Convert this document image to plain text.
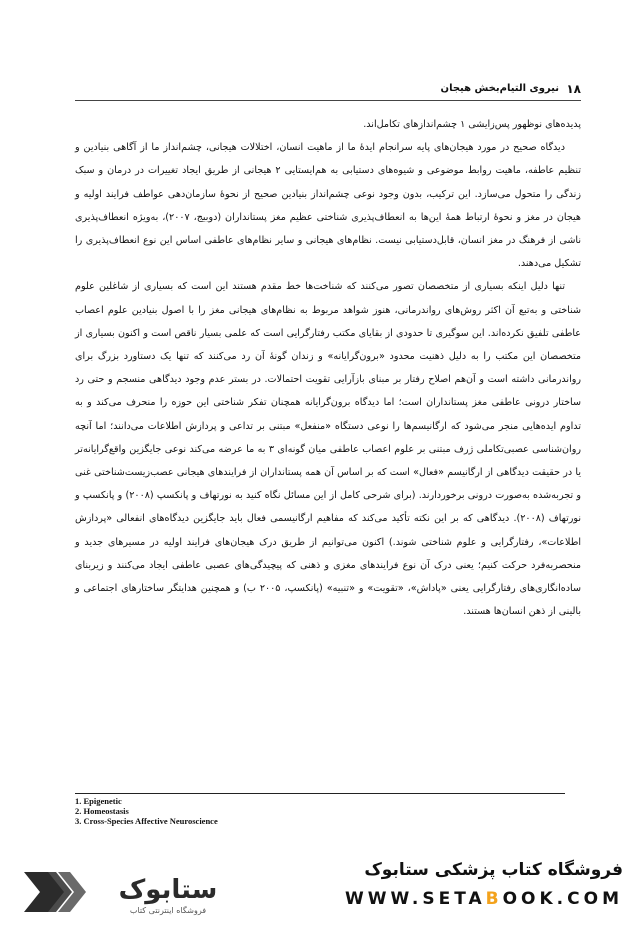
۱۸
نیروی التیام‌بخش هیجان

پدیده‌های نوظهور پس‌زایشی ۱ چشم‌اندازهای تکامل‌اند.

دیدگاه صحیح در مورد هیجان‌های پایه سرانجام ایدهٔ ما از ماهیت انسان، اختلالات هیجانی، چشم‌انداز ما از آگاهی بنیادین و تنظیم عاطفه، ماهیت روابط موضوعی و شیوه‌های دستیابی به هم‌ایستایی ۲ هیجانی از طریق ایجاد تغییرات در درمان و سبک زندگی را متحول می‌سازد. این ترکیب، بدون وجود نوعی چشم‌انداز بنیادین صحیح از نحوهٔ سازمان‌دهی عواطف فرایند اولیه و هیجان در مغز و نحوهٔ ارتباط همهٔ این‌ها به انعطاف‌پذیری شناختی عظیم مغز پستانداران (دوبیج، ۲۰۰۷)، به‌ویژه انعطاف‌پذیری ناشی از فرهنگ در مغز انسان، قابل‌دستیابی نیست. نظام‌های هیجانی و سایر نظام‌های عاطفی اساس این نوع انعطاف‌پذیری را تشکیل می‌دهند.

تنها دلیل اینکه بسیاری از متخصصان تصور می‌کنند که شناخت‌ها خط مقدم هستند این است که بسیاری از شاغلین علوم شناختی و به‌تبع آن اکثر روش‌های رواندرمانی، هنوز شواهد مربوط به نظام‌های هیجانی مغز را با اصول بنیادین علوم اعصاب عاطفی تلفیق نکرده‌اند. این سوگیری تا حدودی از بقایای مکتب رفتارگرایی است که علمی بسیار ناقص است و اکنون بسیاری از متخصصان این مکتب را به دلیل ذهنیت محدود «برون‌گرایانه» و زندان گونهٔ آن رد می‌کنند که تنها یک دستاورد بزرگ برای رواندرمانی داشته است و آن‌هم اصلاح رفتار بر مبنای بازآرایی تقویت احتمالات. در بستر عدم وجود دیدگاهی منسجم و حتی رد ساختار درونی عاطفی مغز پستانداران است؛ اما دیدگاه برون‌گرایانه همچنان تفکر شناختی این حوزه را منحرف می‌کند و به تداوم ایده‌هایی منجر می‌شود که ارگانیسم‌ها را نوعی دستگاه «منفعل» مبتنی بر تداعی و پردازش اطلاعات می‌دانند؛ اما آنچه روان‌شناسی عصبی‌تکاملی ژرف مبتنی بر علوم اعصاب عاطفی میان گونه‌ای ۳ به ما عرضه می‌کند نوعی جایگزین واقع‌گرایانه‌تر یا در حقیقت دیدگاهی از ارگانیسم «فعال» است که بر اساس آن همه پستانداران از فرایندهای هیجانی عصب‌زیست‌شناختی غنی و تجربه‌شده به‌صورت درونی برخوردارند. (برای شرحی کامل از این مسائل نگاه کنید به نورتهاف و پانکسپ (۲۰۰۸) و پانکسپ و نورتهاف (۲۰۰۸). دیدگاهی که بر این نکته تأکید می‌کند که مفاهیم ارگانیسمی فعال باید جایگزین دیدگاه‌های انفعالی «پردازش اطلاعات»، رفتارگرایی و علوم شناختی شوند.) اکنون می‌توانیم از طریق درک هیجان‌های فرایند اولیه در مسیرهای جدید و منحصربه‌فرد حرکت کنیم؛ یعنی درک آن نوع فرایندهای مغزی و ذهنی که پیچیدگی‌های عصبی عاطفی ایجاد می‌کنند و زیربنای ساده‌انگاری‌های رفتارگرایی یعنی «پاداش»، «تقویت» و «تنبیه» (پانکسپ، ۲۰۰۵ ب) و همچنین هدایتگر ساختارهای اجتماعی و بالینی از ذهن انسان‌ها هستند.

1. Epigenetic
2. Homeostasis
3. Cross-Species Affective Neuroscience
ستابوک
فروشگاه اینترنتی کتاب
فروشگاه کتاب پزشکی ستابوک
WWW.SETABOOK.COM
